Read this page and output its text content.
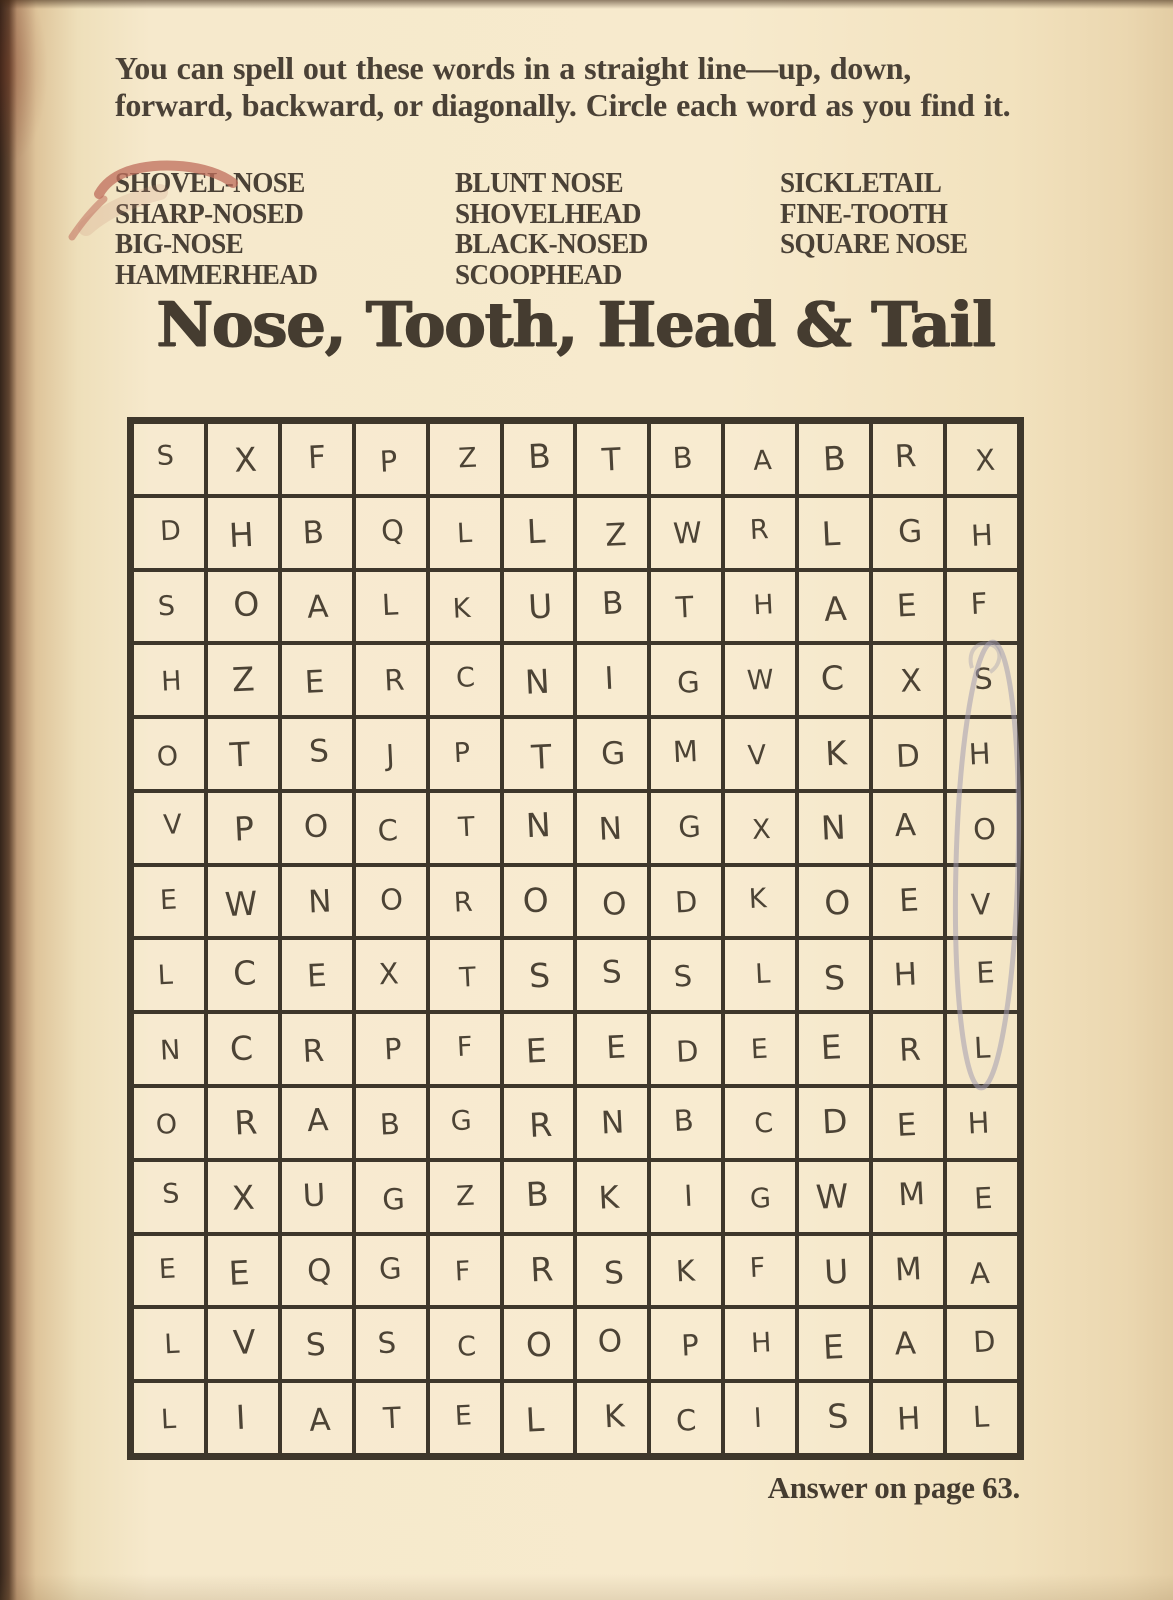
You can spell out these words in a straight line—up, down, forward, backward, or diagonally. Circle each word as you find it.

SHOVEL-NOSE
SHARP-NOSED
BIG-NOSE
HAMMERHEAD
BLUNT NOSE
SHOVELHEAD
BLACK-NOSED
SCOOPHEAD
SICKLETAIL
FINE-TOOTH
SQUARE NOSE
Nose, Tooth, Head & Tail
S X F P Z B T B A B R X
D H B Q L L Z W R L G H
S O A L K U B T H A E F
H Z E R C N I G W C X S
O T S J P T G M V K D H
V P O C T N N G X N A O
E W N O R O O D K O E V
L C E X T S S S L S H E
N C R P F E E D E E R L
O R A B G R N B C D E H
S X U G Z B K I G W M E
E E Q G F R S K F U M A
L V S S C O O P H E A D
L I A T E L K C I S H L

Answer on page 63.
